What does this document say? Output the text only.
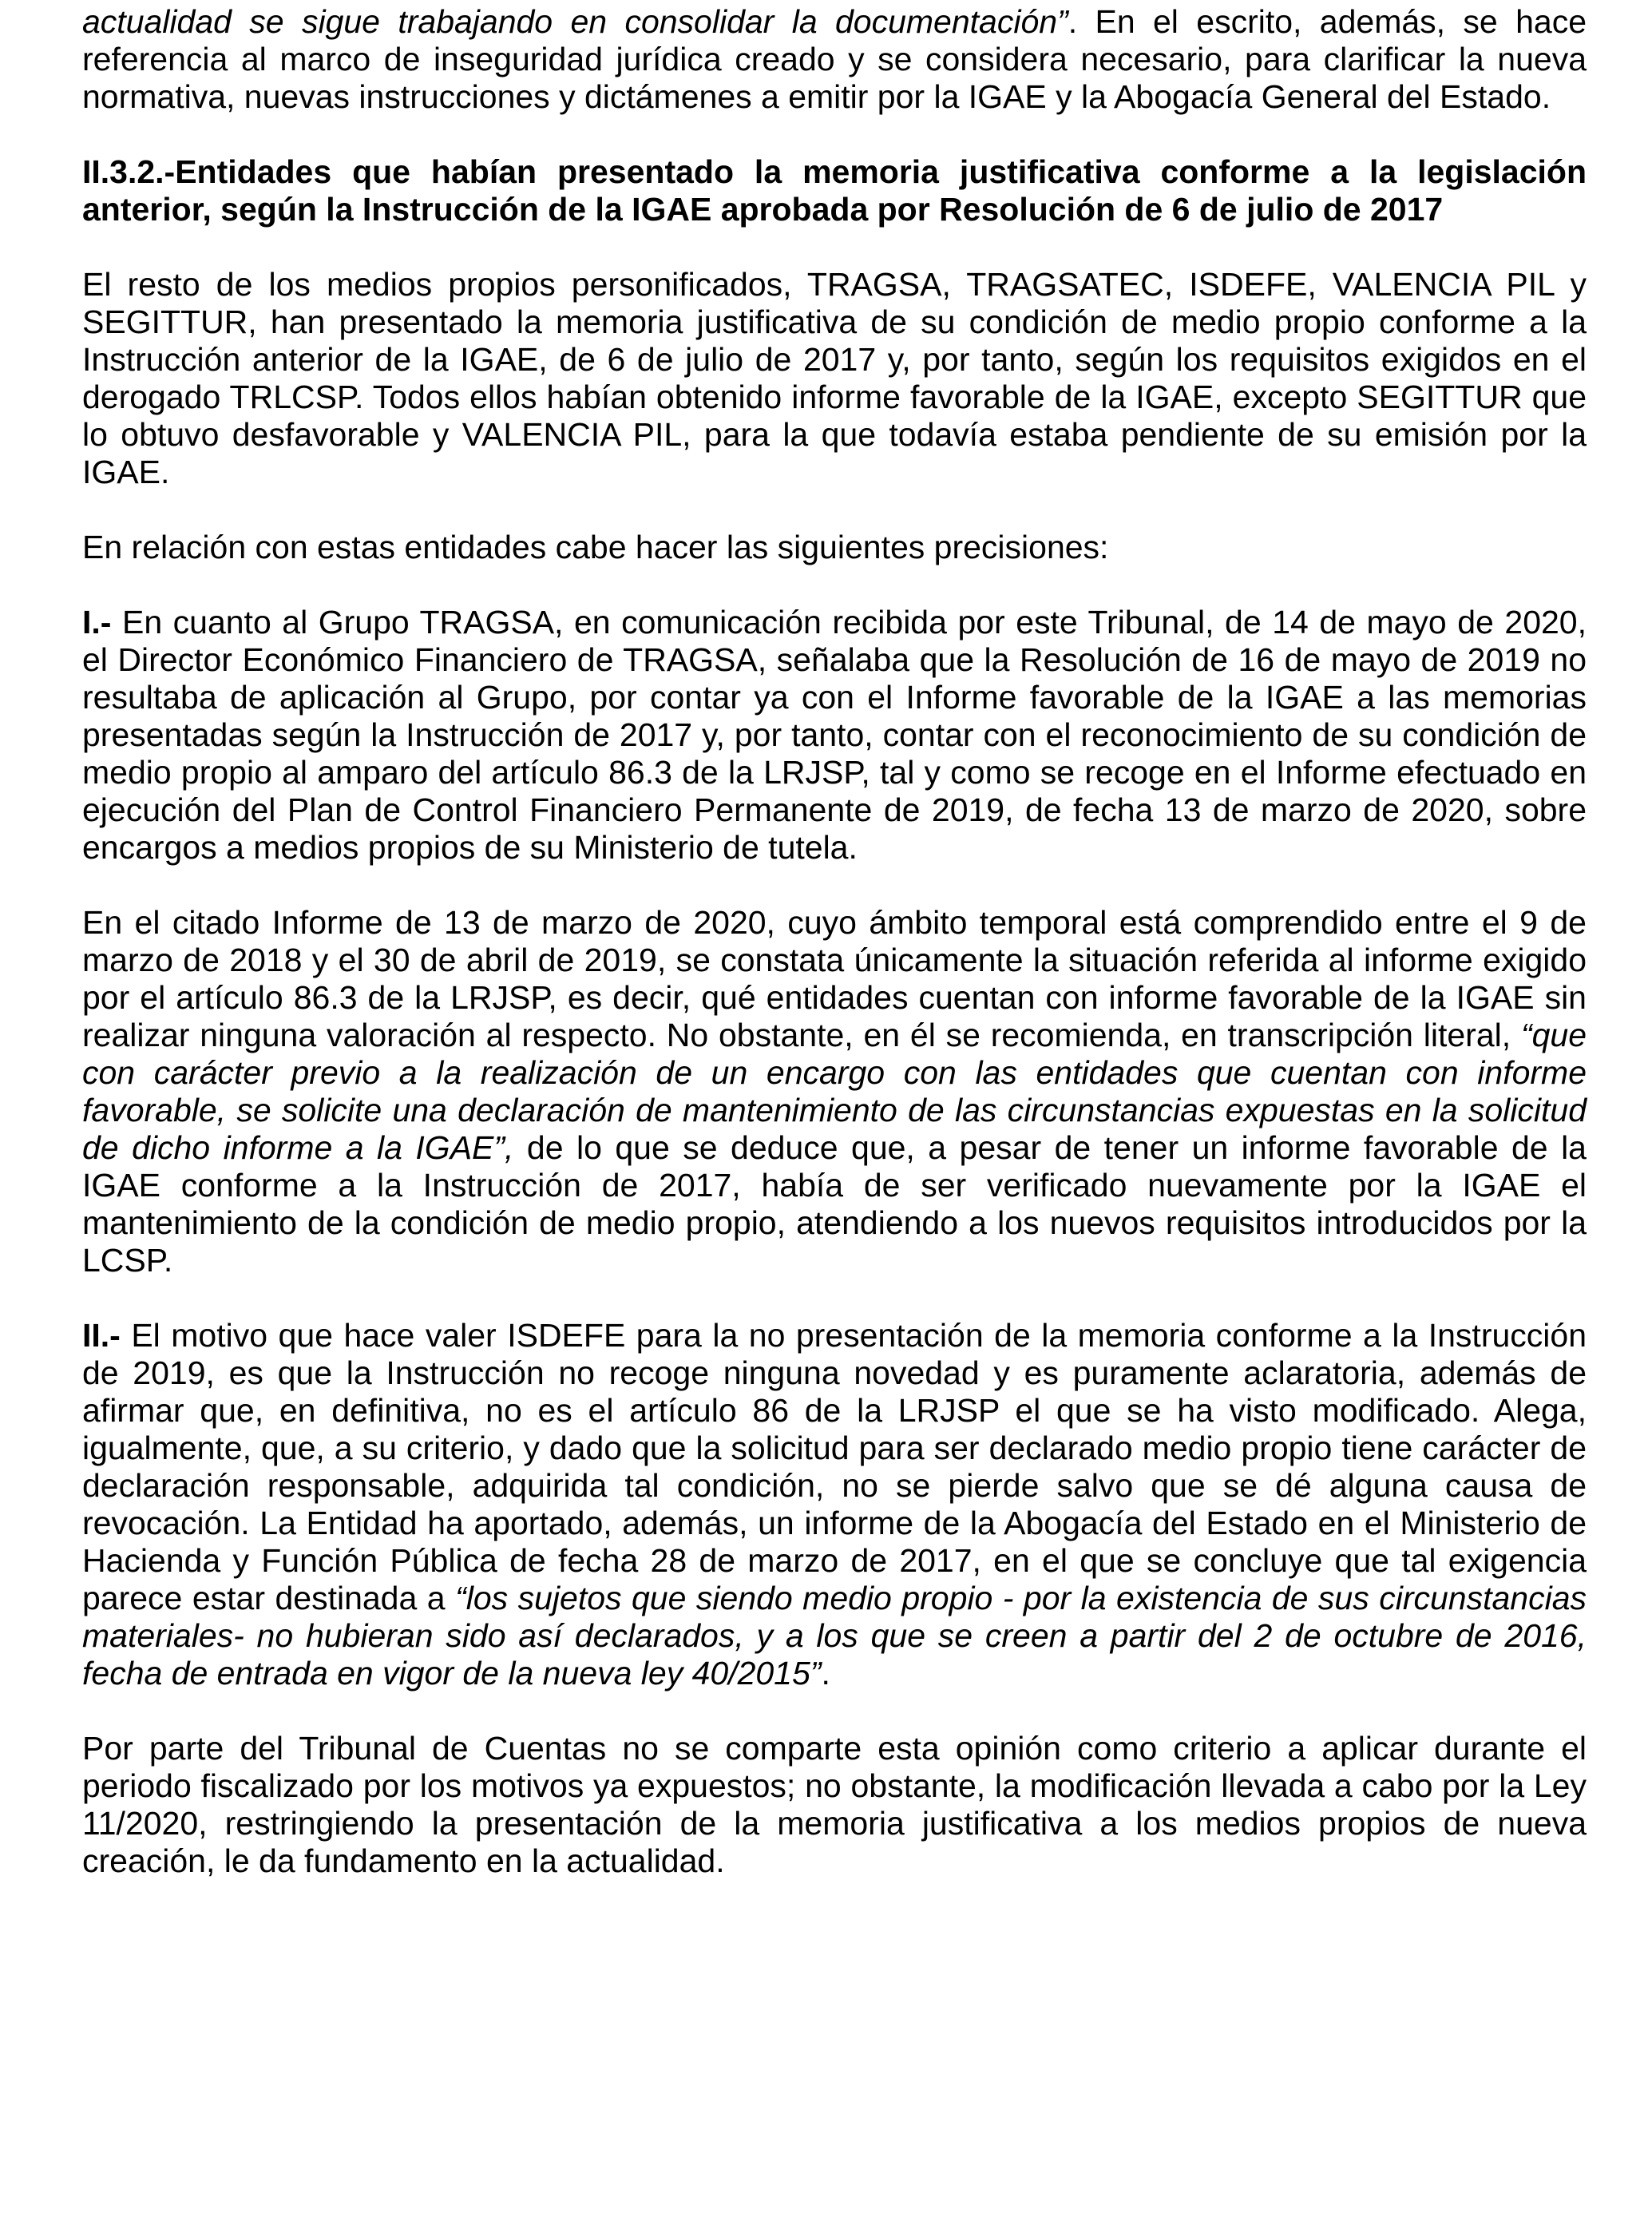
actualidad se sigue trabajando en consolidar la documentación”. En el escrito, además, se hace referencia al marco de inseguridad jurídica creado y se considera necesario, para clarificar la nueva normativa, nuevas instrucciones y dictámenes a emitir por la IGAE y la Abogacía General del Estado.

II.3.2.-Entidades que habían presentado la memoria justificativa conforme a la legislación anterior, según la Instrucción de la IGAE aprobada por Resolución de 6 de julio de 2017

El resto de los medios propios personificados, TRAGSA, TRAGSATEC, ISDEFE, VALENCIA PIL y SEGITTUR, han presentado la memoria justificativa de su condición de medio propio conforme a la Instrucción anterior de la IGAE, de 6 de julio de 2017 y, por tanto, según los requisitos exigidos en el derogado TRLCSP. Todos ellos habían obtenido informe favorable de la IGAE, excepto SEGITTUR que lo obtuvo desfavorable y VALENCIA PIL, para la que todavía estaba pendiente de su emisión por la IGAE.

En relación con estas entidades cabe hacer las siguientes precisiones:

I.- En cuanto al Grupo TRAGSA, en comunicación recibida por este Tribunal, de 14 de mayo de 2020, el Director Económico Financiero de TRAGSA, señalaba que la Resolución de 16 de mayo de 2019 no resultaba de aplicación al Grupo, por contar ya con el Informe favorable de la IGAE a las memorias presentadas según la Instrucción de 2017 y, por tanto, contar con el reconocimiento de su condición de medio propio al amparo del artículo 86.3 de la LRJSP, tal y como se recoge en el Informe efectuado en ejecución del Plan de Control Financiero Permanente de 2019, de fecha 13 de marzo de 2020, sobre encargos a medios propios de su Ministerio de tutela.

En el citado Informe de 13 de marzo de 2020, cuyo ámbito temporal está comprendido entre el 9 de marzo de 2018 y el 30 de abril de 2019, se constata únicamente la situación referida al informe exigido por el artículo 86.3 de la LRJSP, es decir, qué entidades cuentan con informe favorable de la IGAE sin realizar ninguna valoración al respecto. No obstante, en él se recomienda, en transcripción literal, “que con carácter previo a la realización de un encargo con las entidades que cuentan con informe favorable, se solicite una declaración de mantenimiento de las circunstancias expuestas en la solicitud de dicho informe a la IGAE”, de lo que se deduce que, a pesar de tener un informe favorable de la IGAE conforme a la Instrucción de 2017, había de ser verificado nuevamente por la IGAE el mantenimiento de la condición de medio propio, atendiendo a los nuevos requisitos introducidos por la LCSP.

II.- El motivo que hace valer ISDEFE para la no presentación de la memoria conforme a la Instrucción de 2019, es que la Instrucción no recoge ninguna novedad y es puramente aclaratoria, además de afirmar que, en definitiva, no es el artículo 86 de la LRJSP el que se ha visto modificado. Alega, igualmente, que, a su criterio, y dado que la solicitud para ser declarado medio propio tiene carácter de declaración responsable, adquirida tal condición, no se pierde salvo que se dé alguna causa de revocación. La Entidad ha aportado, además, un informe de la Abogacía del Estado en el Ministerio de Hacienda y Función Pública de fecha 28 de marzo de 2017, en el que se concluye que tal exigencia parece estar destinada a “los sujetos que siendo medio propio - por la existencia de sus circunstancias materiales- no hubieran sido así declarados, y a los que se creen a partir del 2 de octubre de 2016, fecha de entrada en vigor de la nueva ley 40/2015”.

Por parte del Tribunal de Cuentas no se comparte esta opinión como criterio a aplicar durante el periodo fiscalizado por los motivos ya expuestos; no obstante, la modificación llevada a cabo por la Ley 11/2020, restringiendo la presentación de la memoria justificativa a los medios propios de nueva creación, le da fundamento en la actualidad.
